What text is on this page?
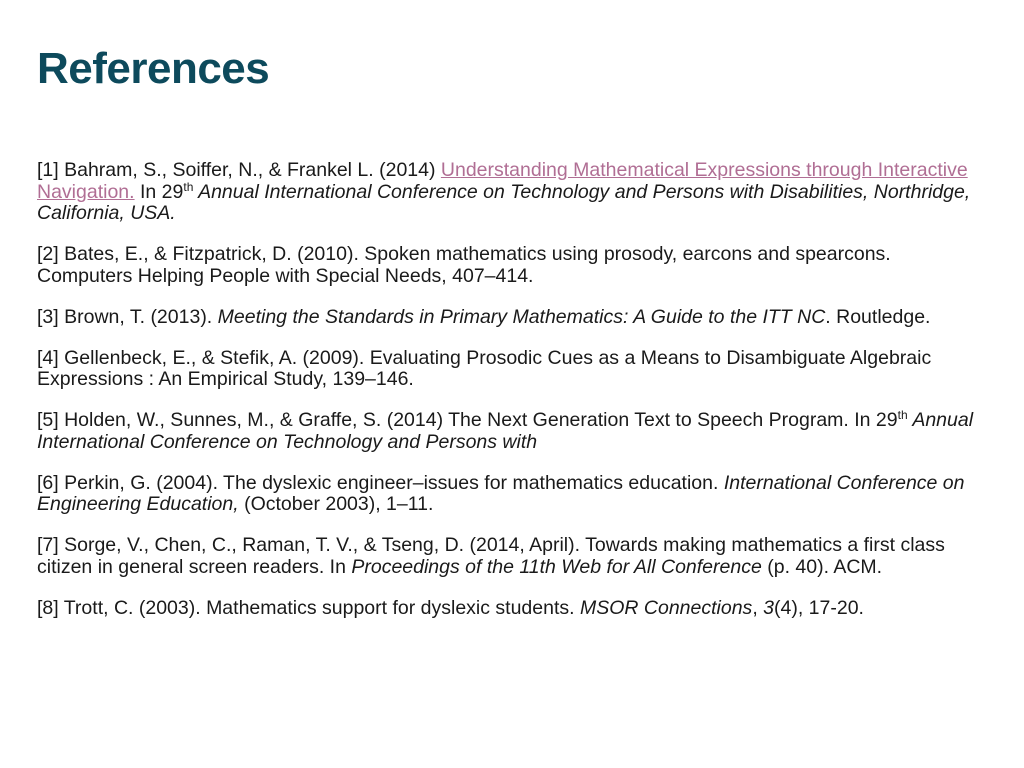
References

[1] Bahram, S., Soiffer, N., & Frankel L. (2014) Understanding Mathematical Expressions through Interactive Navigation. In 29th Annual International Conference on Technology and Persons with Disabilities, Northridge, California, USA.

[2] Bates, E., & Fitzpatrick, D. (2010). Spoken mathematics using prosody, earcons and spearcons. Computers Helping People with Special Needs, 407–414.

[3] Brown, T. (2013). Meeting the Standards in Primary Mathematics: A Guide to the ITT NC. Routledge.

[4] Gellenbeck, E., & Stefik, A. (2009). Evaluating Prosodic Cues as a Means to Disambiguate Algebraic Expressions : An Empirical Study, 139–146.

[5] Holden, W., Sunnes, M., & Graffe, S. (2014) The Next Generation Text to Speech Program. In 29th Annual International Conference on Technology and Persons with

[6] Perkin, G. (2004). The dyslexic engineer–issues for mathematics education. International Conference on Engineering Education, (October 2003), 1–11.

[7] Sorge, V., Chen, C., Raman, T. V., & Tseng, D. (2014, April). Towards making mathematics a first class citizen in general screen readers. In Proceedings of the 11th Web for All Conference (p. 40). ACM.

[8] Trott, C. (2003). Mathematics support for dyslexic students. MSOR Connections, 3(4), 17-20.
